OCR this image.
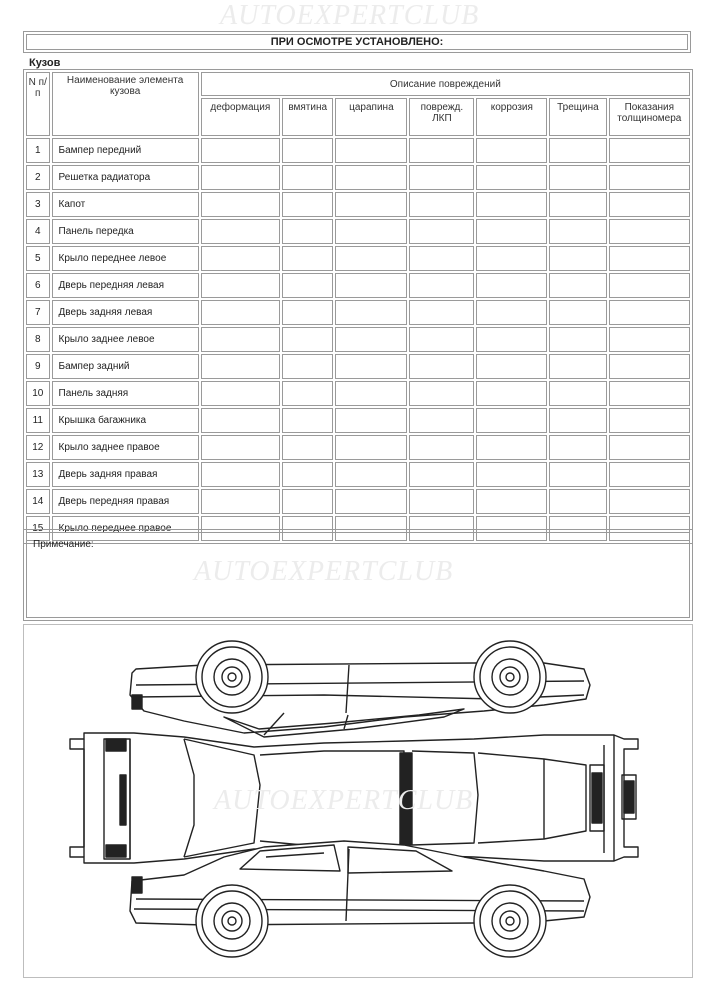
AUTOEXPERTCLUB
AUTOEXPERTCLUB
ПРИ ОСМОТРЕ УСТАНОВЛЕНО:
Кузов
N п/п	Наименование элемента кузова	Описание повреждений						
		деформация	вмятина	царапина	поврежд. ЛКП	коррозия	Трещина	Показания толщиномера
1	Бампер передний							
2	Решетка радиатора							
3	Капот							
4	Панель передка							
5	Крыло переднее левое							
6	Дверь передняя левая							
7	Дверь задняя левая							
8	Крыло заднее левое							
9	Бампер задний							
10	Панель задняя							
11	Крышка багажника							
12	Крыло заднее правое							
13	Дверь задняя правая							
14	Дверь передняя правая							
15	Крыло переднее правое							
Примечание:
AUTOEXPERTCLUB
